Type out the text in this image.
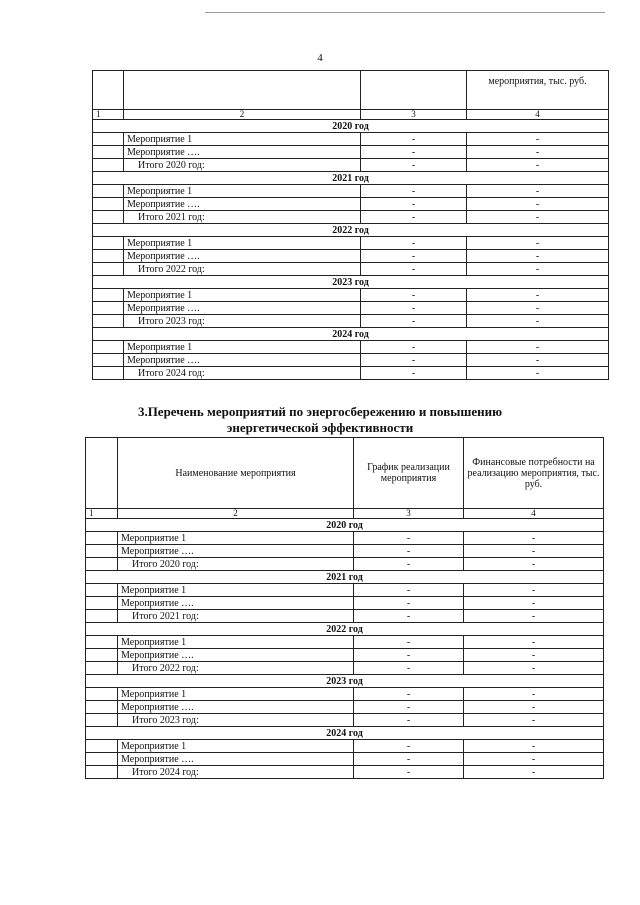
4
			мероприятия, тыс. руб.
1	2	3	4
2020 год			
	Мероприятие 1	-	-
	Мероприятие ….	-	-
	Итого 2020 год:	-	-
2021 год			
	Мероприятие 1	-	-
	Мероприятие ….	-	-
	Итого 2021 год:	-	-
2022 год			
	Мероприятие 1	-	-
	Мероприятие ….	-	-
	Итого 2022 год:	-	-
2023 год			
	Мероприятие 1	-	-
	Мероприятие ….	-	-
	Итого 2023 год:	-	-
2024 год			
	Мероприятие 1	-	-
	Мероприятие ….	-	-
	Итого 2024 год:	-	-
3.Перечень мероприятий по энергосбережению и повышению
энергетической эффективности
	Наименование мероприятия	График реализации мероприятия	Финансовые потребности на реализацию мероприятия, тыс. руб.
1	2	3	4
2020 год			
	Мероприятие 1	-	-
	Мероприятие ….	-	-
	Итого 2020 год:	-	-
2021 год			
	Мероприятие 1	-	-
	Мероприятие ….	-	-
	Итого 2021 год:	-	-
2022 год			
	Мероприятие 1	-	-
	Мероприятие ….	-	-
	Итого 2022 год:	-	-
2023 год			
	Мероприятие 1	-	-
	Мероприятие ….	-	-
	Итого 2023 год:	-	-
2024 год			
	Мероприятие 1	-	-
	Мероприятие ….	-	-
	Итого 2024 год:	-	-
